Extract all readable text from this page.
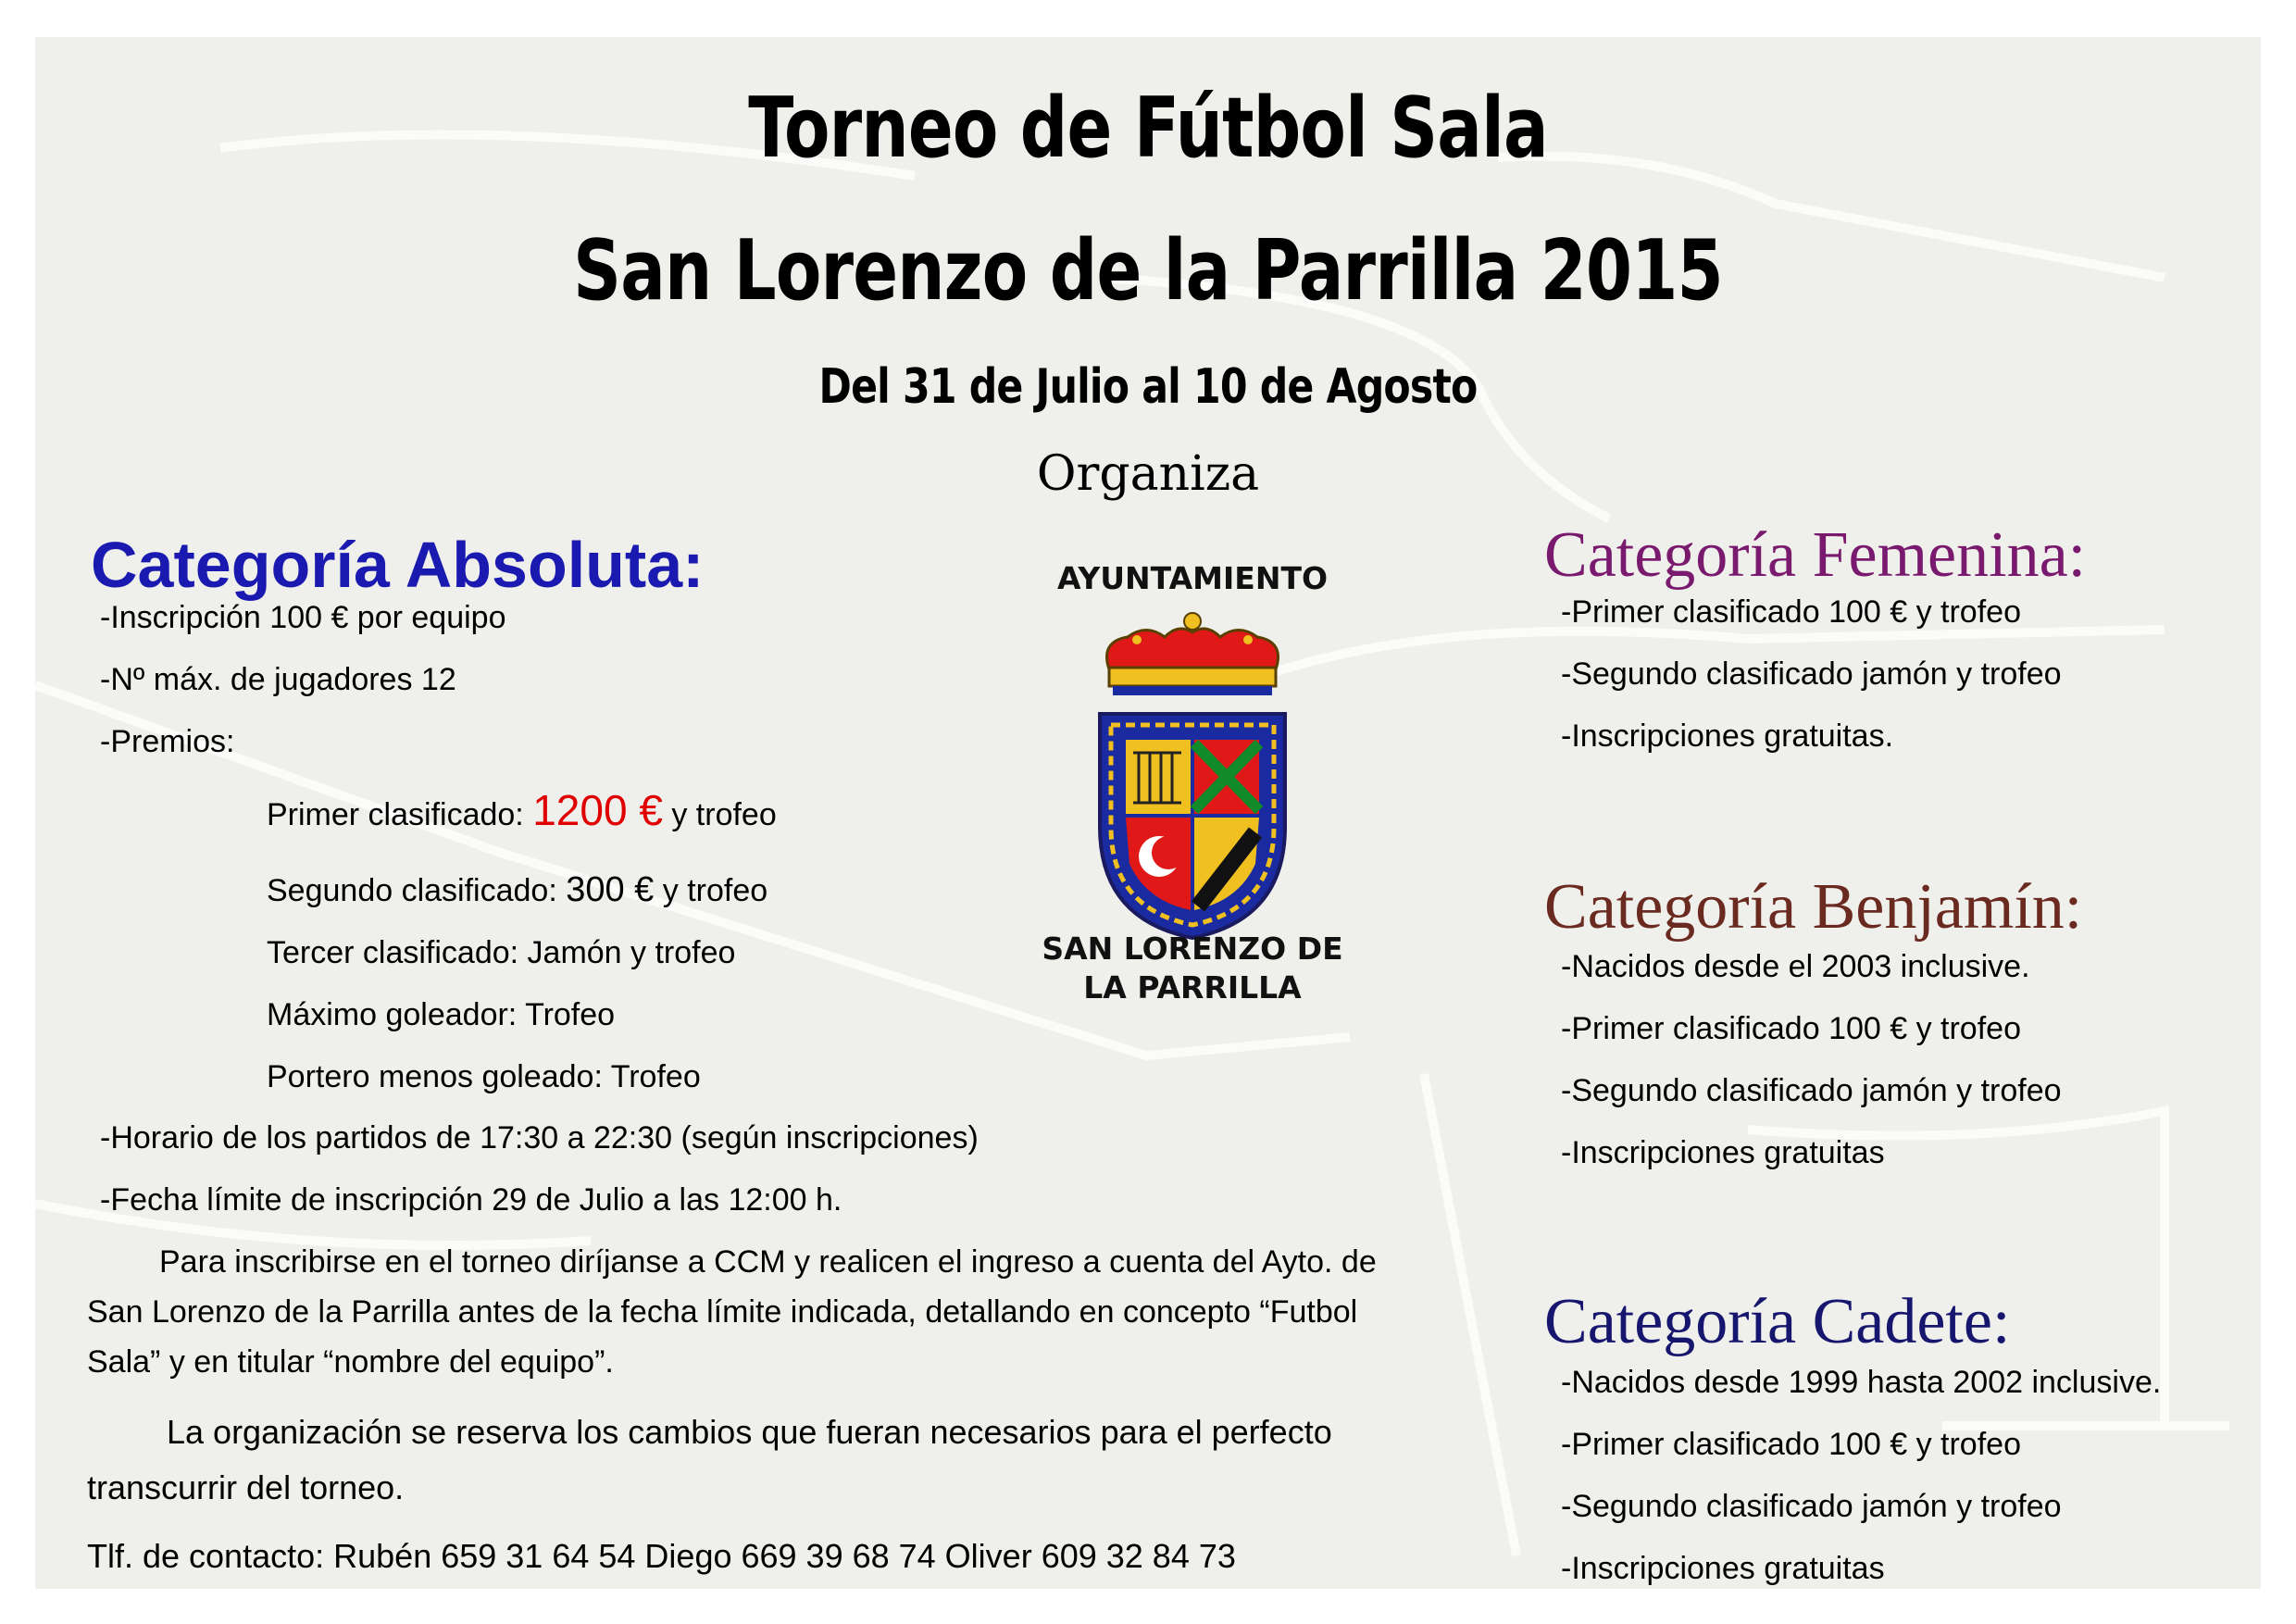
Torneo de Fútbol Sala
San Lorenzo de la Parrilla 2015
Del 31 de Julio al 10 de Agosto
Organiza
AYUNTAMIENTO
SAN LORENZO DE
LA PARRILLA
Categoría Absoluta:
-Inscripción 100 € por equipo
-Nº máx. de jugadores 12
-Premios:
Primer clasificado: 1200 € y trofeo
Segundo clasificado: 300 € y trofeo
Tercer clasificado: Jamón y trofeo
Máximo goleador: Trofeo
Portero menos goleado: Trofeo
-Horario de los partidos de 17:30 a 22:30 (según inscripciones)
-Fecha límite de inscripción 29 de Julio a las 12:00 h.
Para inscribirse en el torneo diríjanse a CCM y realicen el ingreso a cuenta del Ayto. de
San Lorenzo de la Parrilla antes de la fecha límite indicada, detallando en concepto “Futbol
Sala” y en titular “nombre del equipo”.
La organización se reserva los cambios que fueran necesarios para el perfecto
transcurrir del torneo.
Tlf. de contacto: Rubén 659 31 64 54 Diego 669 39 68 74 Oliver 609 32 84 73
Categoría Femenina:
-Primer clasificado 100 € y trofeo
-Segundo clasificado jamón y trofeo
-Inscripciones gratuitas.
Categoría Benjamín:
-Nacidos desde el 2003 inclusive.
-Primer clasificado 100 € y trofeo
-Segundo clasificado jamón y trofeo
-Inscripciones gratuitas
Categoría Cadete:
-Nacidos desde 1999 hasta 2002 inclusive.
-Primer clasificado 100 € y trofeo
-Segundo clasificado jamón y trofeo
-Inscripciones gratuitas
